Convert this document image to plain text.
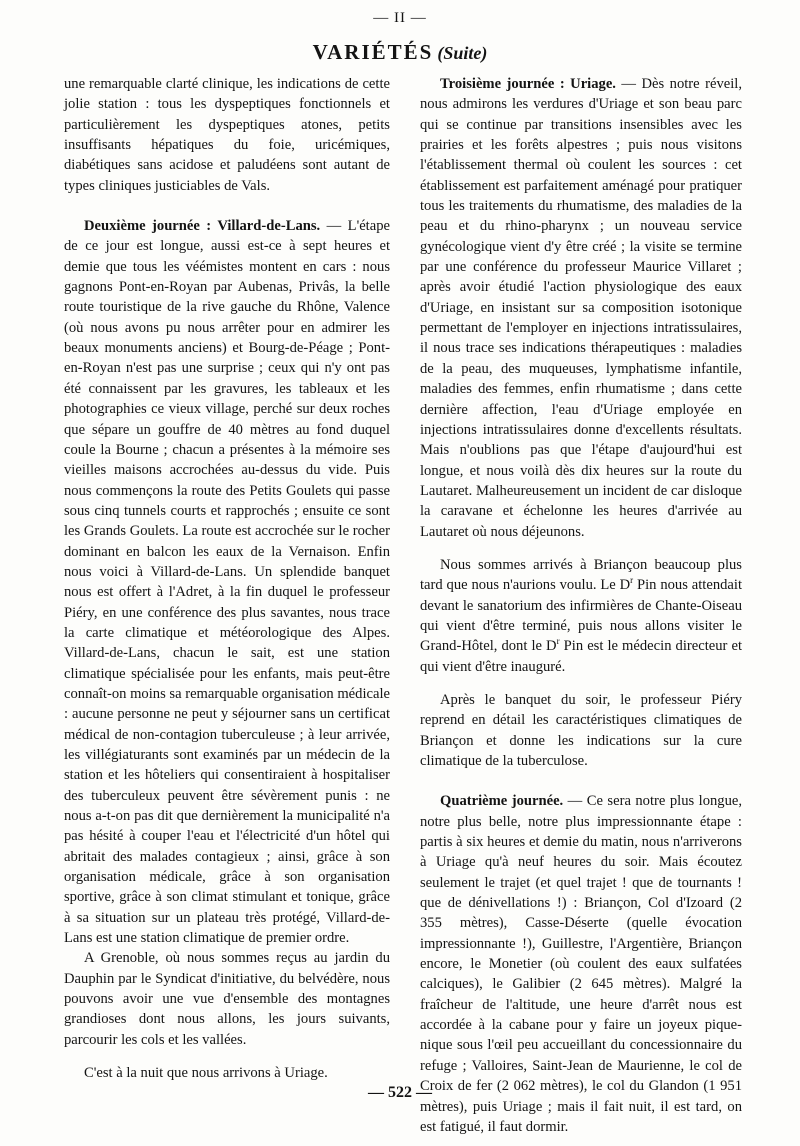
— II —
VARIÉTÉS (Suite)

une remarquable clarté clinique, les indications de cette jolie station : tous les dyspeptiques fonctionnels et particulièrement les dyspeptiques atones, petits insuffisants hépatiques du foie, uricémiques, diabétiques sans acidose et paludéens sont autant de types cliniques justiciables de Vals.

Deuxième journée : Villard-de-Lans. — L'étape de ce jour est longue, aussi est-ce à sept heures et demie que tous les véémistes montent en cars : nous gagnons Pont-en-Royan par Aubenas, Privâs, la belle route touristique de la rive gauche du Rhône, Valence (où nous avons pu nous arrêter pour en admirer les beaux monuments anciens) et Bourg-de-Péage ; Pont-en-Royan n'est pas une surprise ; ceux qui n'y ont pas été connaissent par les gravures, les tableaux et les photographies ce vieux village, perché sur deux roches que sépare un gouffre de 40 mètres au fond duquel coule la Bourne ; chacun a présentes à la mémoire ses vieilles maisons accrochées au-dessus du vide. Puis nous commençons la route des Petits Goulets qui passe sous cinq tunnels courts et rapprochés ; ensuite ce sont les Grands Goulets. La route est accrochée sur le rocher dominant en balcon les eaux de la Vernaison. Enfin nous voici à Villard-de-Lans. Un splendide banquet nous est offert à l'Adret, à la fin duquel le professeur Piéry, en une conférence des plus savantes, nous trace la carte climatique et météorologique des Alpes. Villard-de-Lans, chacun le sait, est une station climatique spécialisée pour les enfants, mais peut-être connaît-on moins sa remarquable organisation médicale : aucune personne ne peut y séjourner sans un certificat médical de non-contagion tuberculeuse ; à leur arrivée, les villégiaturants sont examinés par un médecin de la station et les hôteliers qui consentiraient à hospitaliser des tuberculeux peuvent être sévèrement punis : ne nous a-t-on pas dit que dernièrement la municipalité n'a pas hésité à couper l'eau et l'électricité d'un hôtel qui abritait des malades contagieux ; ainsi, grâce à son organisation médicale, grâce à son organisation sportive, grâce à son climat stimulant et tonique, grâce à sa situation sur un plateau très protégé, Villard-de-Lans est une station climatique de premier ordre.

A Grenoble, où nous sommes reçus au jardin du Dauphin par le Syndicat d'initiative, du belvédère, nous pouvons avoir une vue d'ensemble des montagnes grandioses dont nous allons, les jours suivants, parcourir les cols et les vallées.

C'est à la nuit que nous arrivons à Uriage.

Troisième journée : Uriage. — Dès notre réveil, nous admirons les verdures d'Uriage et son beau parc qui se continue par transitions insensibles avec les prairies et les forêts alpestres ; puis nous visitons l'établissement thermal où coulent les sources : cet établissement est parfaitement aménagé pour pratiquer tous les traitements du rhumatisme, des maladies de la peau et du rhino-pharynx ; un nouveau service gynécologique vient d'y être créé ; la visite se termine par une conférence du professeur Maurice Villaret ; après avoir étudié l'action physiologique des eaux d'Uriage, en insistant sur sa composition isotonique permettant de l'employer en injections intratissulaires, il nous trace ses indications thérapeutiques : maladies de la peau, des muqueuses, lymphatisme infantile, maladies des femmes, enfin rhumatisme ; dans cette dernière affection, l'eau d'Uriage employée en injections intratissulaires donne d'excellents résultats. Mais n'oublions pas que l'étape d'aujourd'hui est longue, et nous voilà dès dix heures sur la route du Lautaret. Malheureusement un incident de car disloque la caravane et échelonne les heures d'arrivée au Lautaret où nous déjeunons.

Nous sommes arrivés à Briançon beaucoup plus tard que nous n'aurions voulu. Le $D^r$ Pin nous attendait devant le sanatorium des infirmières de Chante-Oiseau qui vient d'être terminé, puis nous allons visiter le Grand-Hôtel, dont le $D^r$ Pin est le médecin directeur et qui vient d'être inauguré.

Après le banquet du soir, le professeur Piéry reprend en détail les caractéristiques climatiques de Briançon et donne les indications sur la cure climatique de la tuberculose.

Quatrième journée. — Ce sera notre plus longue, notre plus belle, notre plus impressionnante étape : partis à six heures et demie du matin, nous n'arriverons à Uriage qu'à neuf heures du soir. Mais écoutez seulement le trajet (et quel trajet ! que de tournants ! que de dénivellations !) : Briançon, Col d'Izoard (2 355 mètres), Casse-Déserte (quelle évocation impressionnante !), Guillestre, l'Argentière, Briançon encore, le Monetier (où coulent des eaux sulfatées calciques), le Galibier (2 645 mètres). Malgré la fraîcheur de l'altitude, une heure d'arrêt nous est accordée à la cabane pour y faire un joyeux pique-nique sous l'œil peu accueillant du concessionnaire du refuge ; Valloires, Saint-Jean de Maurienne, le col de Croix de fer (2 062 mètres), le col du Glandon (1 951 mètres), puis Uriage ; mais il fait nuit, il est tard, on est fatigué, il faut dormir.

— 522 —
